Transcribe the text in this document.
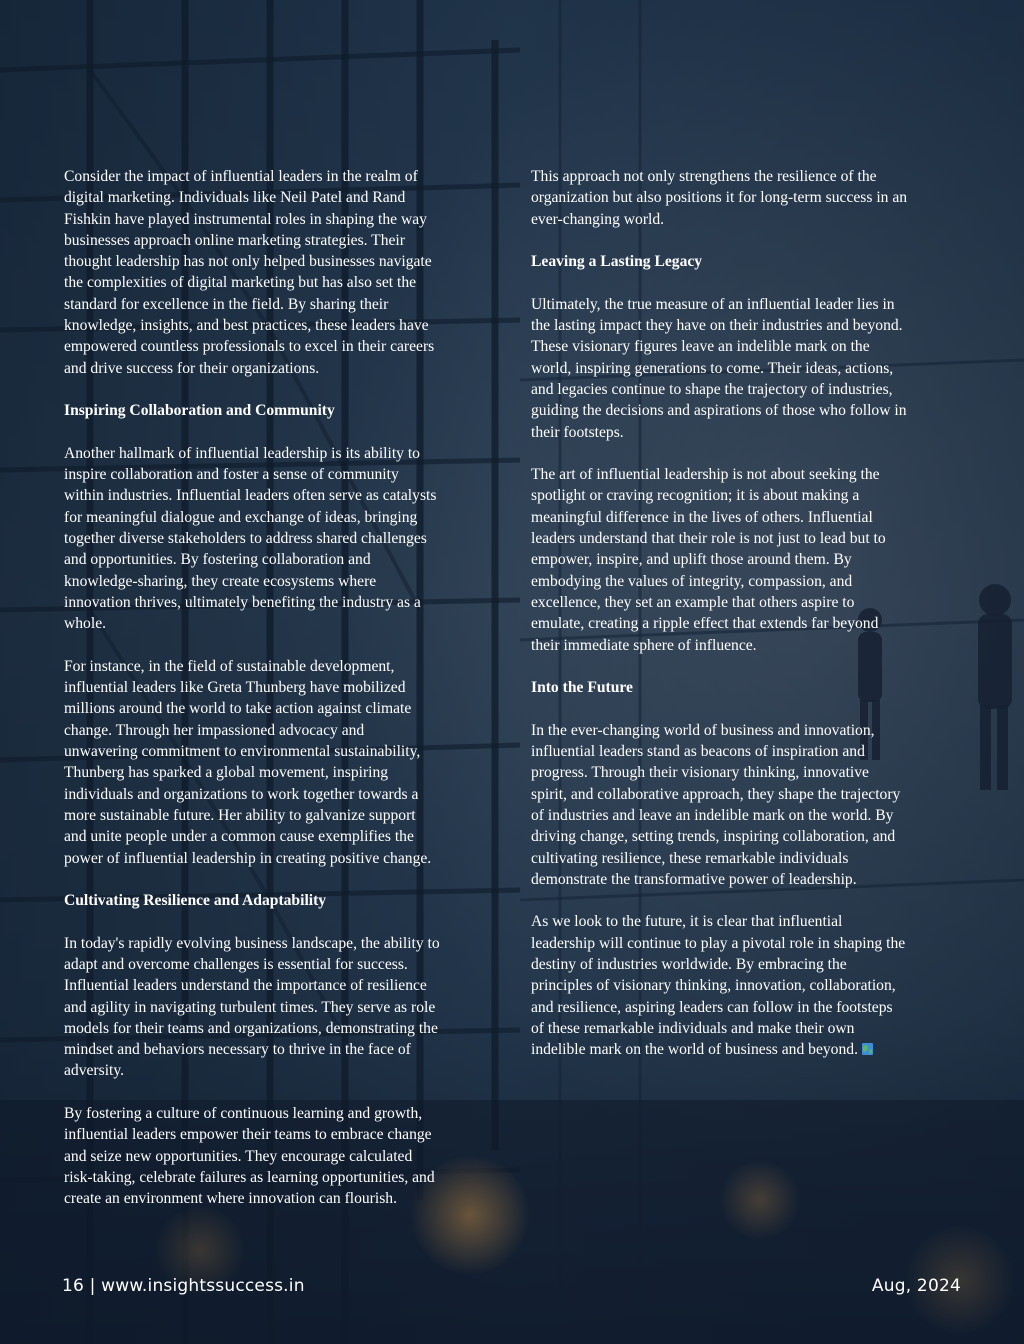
Consider the impact of influential leaders in the realm of
digital marketing. Individuals like Neil Patel and Rand
Fishkin have played instrumental roles in shaping the way
businesses approach online marketing strategies. Their
thought leadership has not only helped businesses navigate
the complexities of digital marketing but has also set the
standard for excellence in the field. By sharing their
knowledge, insights, and best practices, these leaders have
empowered countless professionals to excel in their careers
and drive success for their organizations.

Inspiring Collaboration and Community

Another hallmark of influential leadership is its ability to
inspire collaboration and foster a sense of community
within industries. Influential leaders often serve as catalysts
for meaningful dialogue and exchange of ideas, bringing
together diverse stakeholders to address shared challenges
and opportunities. By fostering collaboration and
knowledge-sharing, they create ecosystems where
innovation thrives, ultimately benefiting the industry as a
whole.

For instance, in the field of sustainable development,
influential leaders like Greta Thunberg have mobilized
millions around the world to take action against climate
change. Through her impassioned advocacy and
unwavering commitment to environmental sustainability,
Thunberg has sparked a global movement, inspiring
individuals and organizations to work together towards a
more sustainable future. Her ability to galvanize support
and unite people under a common cause exemplifies the
power of influential leadership in creating positive change.

Cultivating Resilience and Adaptability

In today's rapidly evolving business landscape, the ability to
adapt and overcome challenges is essential for success.
Influential leaders understand the importance of resilience
and agility in navigating turbulent times. They serve as role
models for their teams and organizations, demonstrating the
mindset and behaviors necessary to thrive in the face of
adversity.

By fostering a culture of continuous learning and growth,
influential leaders empower their teams to embrace change
and seize new opportunities. They encourage calculated
risk-taking, celebrate failures as learning opportunities, and
create an environment where innovation can flourish.

This approach not only strengthens the resilience of the
organization but also positions it for long-term success in an
ever-changing world.

Leaving a Lasting Legacy

Ultimately, the true measure of an influential leader lies in
the lasting impact they have on their industries and beyond.
These visionary figures leave an indelible mark on the
world, inspiring generations to come. Their ideas, actions,
and legacies continue to shape the trajectory of industries,
guiding the decisions and aspirations of those who follow in
their footsteps.

The art of influential leadership is not about seeking the
spotlight or craving recognition; it is about making a
meaningful difference in the lives of others. Influential
leaders understand that their role is not just to lead but to
empower, inspire, and uplift those around them. By
embodying the values of integrity, compassion, and
excellence, they set an example that others aspire to
emulate, creating a ripple effect that extends far beyond
their immediate sphere of influence.

Into the Future

In the ever-changing world of business and innovation,
influential leaders stand as beacons of inspiration and
progress. Through their visionary thinking, innovative
spirit, and collaborative approach, they shape the trajectory
of industries and leave an indelible mark on the world. By
driving change, setting trends, inspiring collaboration, and
cultivating resilience, these remarkable individuals
demonstrate the transformative power of leadership.

As we look to the future, it is clear that influential
leadership will continue to play a pivotal role in shaping the
destiny of industries worldwide. By embracing the
principles of visionary thinking, innovation, collaboration,
and resilience, aspiring leaders can follow in the footsteps
of these remarkable individuals and make their own
indelible mark on the world of business and beyond.

16 | www.insightssuccess.in	Aug, 2024
